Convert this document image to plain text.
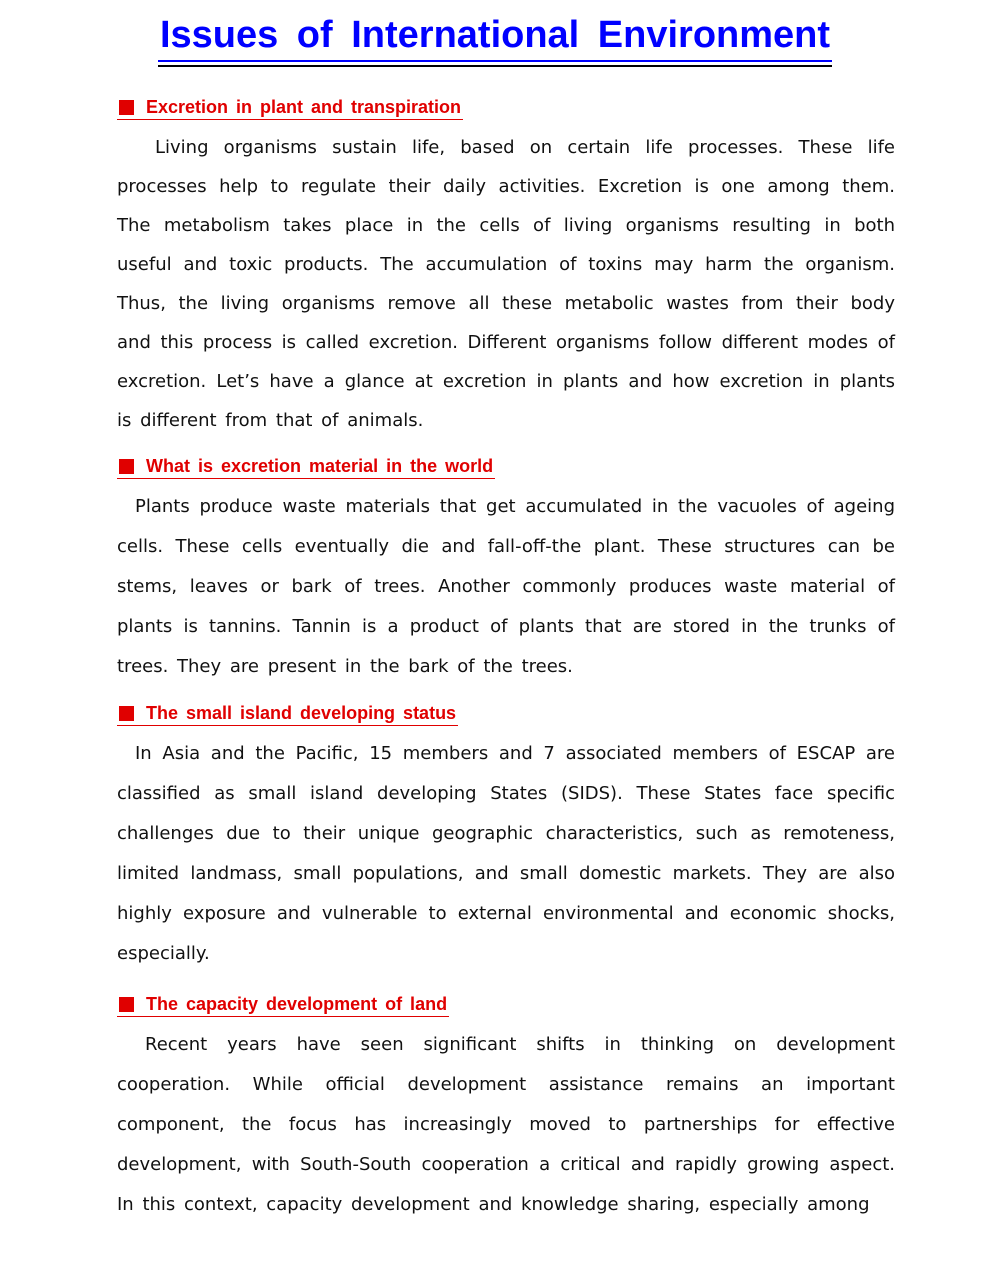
Issues of International Environment
Excretion in plant and transpiration

Living organisms sustain life, based on certain life processes. These life processes help to regulate their daily activities. Excretion is one among them. The metabolism takes place in the cells of living organisms resulting in both useful and toxic products. The accumulation of toxins may harm the organism. Thus, the living organisms remove all these metabolic wastes from their body and this process is called excretion. Different organisms follow different modes of excretion. Let’s have a glance at excretion in plants and how excretion in plants is different from that of animals.

What is excretion material in the world

Plants produce waste materials that get accumulated in the vacuoles of ageing cells. These cells eventually die and fall-off-the plant. These structures can be stems, leaves or bark of trees. Another commonly produces waste material of plants is tannins. Tannin is a product of plants that are stored in the trunks of trees. They are present in the bark of the trees.

The small island developing status

In Asia and the Pacific, 15 members and 7 associated members of ESCAP are classified as small island developing States (SIDS). These States face specific challenges due to their unique geographic characteristics, such as remoteness, limited landmass, small populations, and small domestic markets. They are also highly exposure and vulnerable to external environmental and economic shocks, especially.

The capacity development of land

Recent years have seen significant shifts in thinking on development cooperation. While official development assistance remains an important component, the focus has increasingly moved to partnerships for effective development, with South-South cooperation a critical and rapidly growing aspect. In this context, capacity development and knowledge sharing, especially among
